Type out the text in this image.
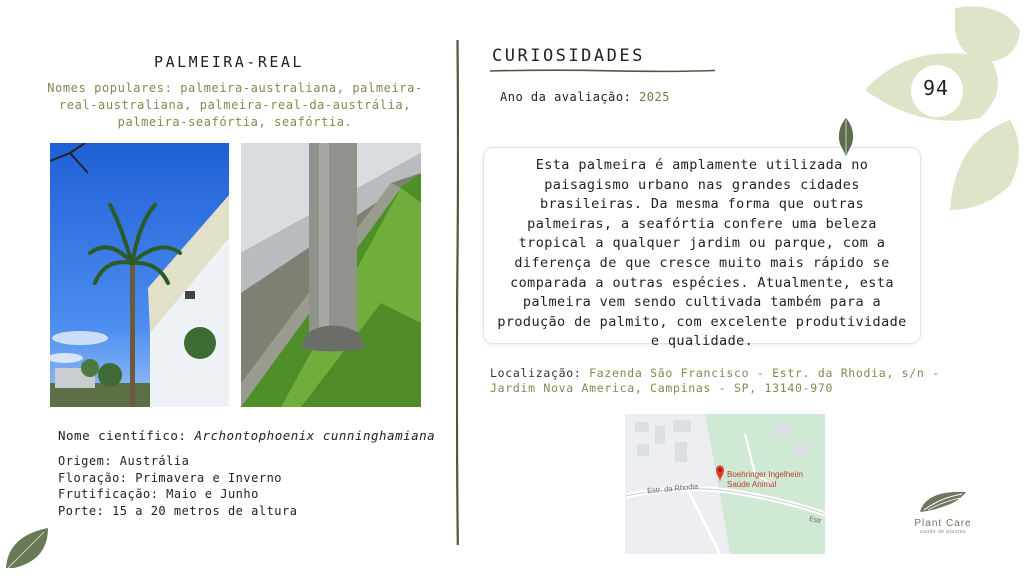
PALMEIRA-REAL
Nomes populares: palmeira-australiana, palmeira-real-australiana, palmeira-real-da-austrália, palmeira-seafórtia, seafórtia.
Nome científico: Archontophoenix cunninghamiana
Origem: Austrália
Floração: Primavera e Inverno
Frutificação: Maio e Junho
Porte: 15 a 20 metros de altura
CURIOSIDADES
Ano da avaliação: 2025
Esta palmeira é amplamente utilizada no paisagismo urbano nas grandes cidades brasileiras. Da mesma forma que outras palmeiras, a seafórtia confere uma beleza tropical a qualquer jardim ou parque, com a diferença de que cresce muito mais rápido se comparada a outras espécies. Atualmente, esta palmeira vem sendo cultivada também para a produção de palmito, com excelente produtividade e qualidade.
Localização: Fazenda São Francisco - Estr. da Rhodia, s/n - Jardim Nova America, Campinas - SP, 13140-970
Boehringer Ingelheim
Saúde Animal
Estr. da Rhodia
Estr
94
Plant Care
saúde de plantas
